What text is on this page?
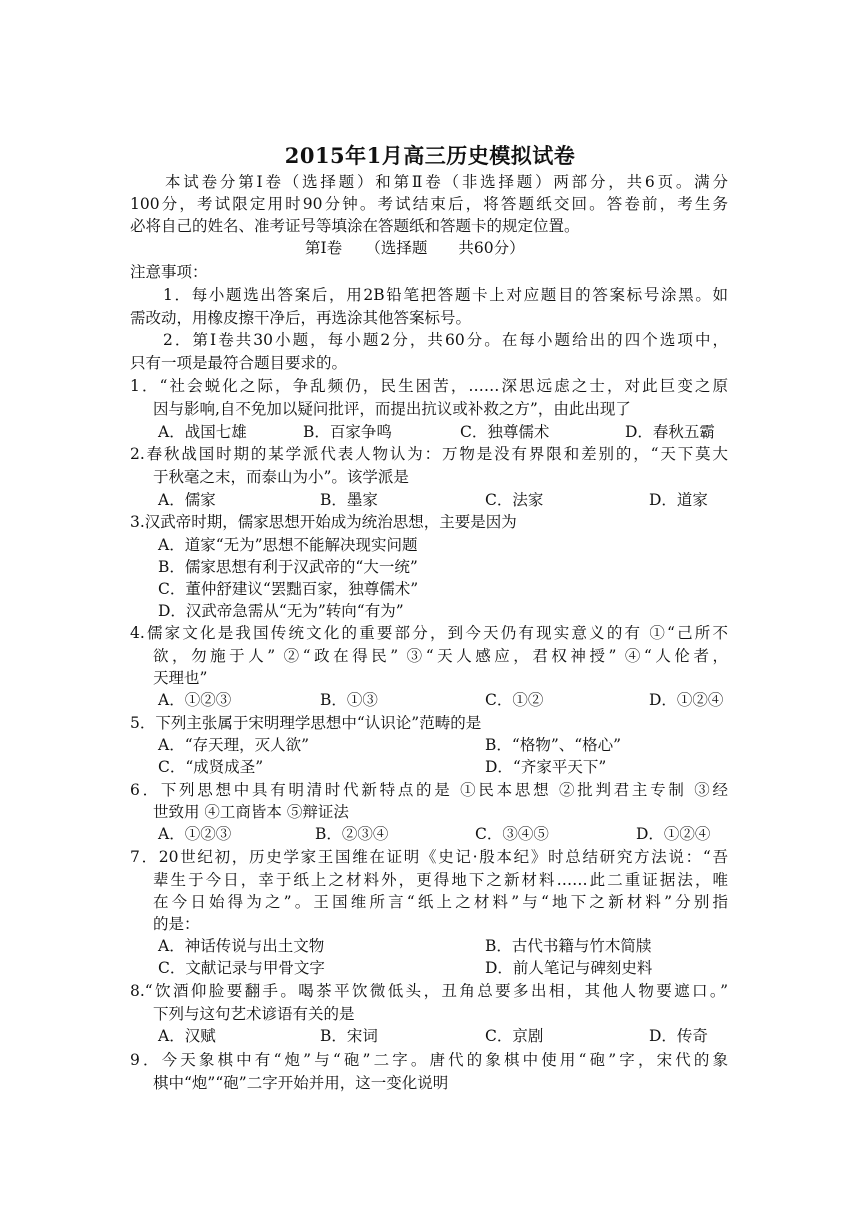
2015年1月高三历史模拟试卷
本试卷分第Ⅰ卷（选择题）和第Ⅱ卷（非选择题）两部分，共6页。满分
100分，考试限定用时90分钟。考试结束后，将答题纸交回。答卷前，考生务
必将自己的姓名、准考证号等填涂在答题纸和答题卡的规定位置。
第Ⅰ卷　　（选择题　　共60分）
注意事项：
1．每小题选出答案后，用2B铅笔把答题卡上对应题目的答案标号涂黑。如
需改动，用橡皮擦干净后，再选涂其他答案标号。
2．第Ⅰ卷共30小题，每小题2分，共60分。在每小题给出的四个选项中，
只有一项是最符合题目要求的。
1．“社会蜕化之际，争乱频仍，民生困苦，……深思远虑之士，对此巨变之原
因与影响,自不免加以疑问批评，而提出抗议或补救之方”，由此出现了
A．战国七雄	B．百家争鸣	C．独尊儒术	D．春秋五霸
2.春秋战国时期的某学派代表人物认为：万物是没有界限和差别的，“天下莫大
于秋毫之末，而泰山为小”。该学派是
A．儒家	B．墨家	C．法家	D．道家
3.汉武帝时期，儒家思想开始成为统治思想，主要是因为
A．道家“无为”思想不能解决现实问题
B．儒家思想有利于汉武帝的“大一统”
C．董仲舒建议“罢黜百家，独尊儒术”
D．汉武帝急需从“无为”转向“有为”
4.儒家文化是我国传统文化的重要部分，到今天仍有现实意义的有 ①“己所不
欲，勿施于人” ②“政在得民” ③“天人感应，君权神授” ④“人伦者，
天理也”
A．①②③	B．①③	C．①②	D．①②④
5．下列主张属于宋明理学思想中“认识论”范畴的是
A．“存天理，灭人欲”	B．“格物”、“格心”
C．“成贤成圣”	D．“齐家平天下”
6．下列思想中具有明清时代新特点的是 ①民本思想 ②批判君主专制 ③经
世致用 ④工商皆本 ⑤辩证法
A．①②③	B．②③④	C．③④⑤	D．①②④
7．20世纪初，历史学家王国维在证明《史记·殷本纪》时总结研究方法说：“吾
辈生于今日，幸于纸上之材料外，更得地下之新材料……此二重证据法，唯
在今日始得为之”。王国维所言“纸上之材料”与“地下之新材料”分别指
的是：
A．神话传说与出土文物	B．古代书籍与竹木简牍
C．文献记录与甲骨文字	D．前人笔记与碑刻史料
8.“饮酒仰脸要翻手。喝茶平饮微低头，丑角总要多出相，其他人物要遮口。”
下列与这句艺术谚语有关的是
A．汉赋	B．宋词	C．京剧	D．传奇
9．今天象棋中有“炮”与“砲”二字。唐代的象棋中使用“砲”字，宋代的象
棋中“炮”“砲”二字开始并用，这一变化说明
